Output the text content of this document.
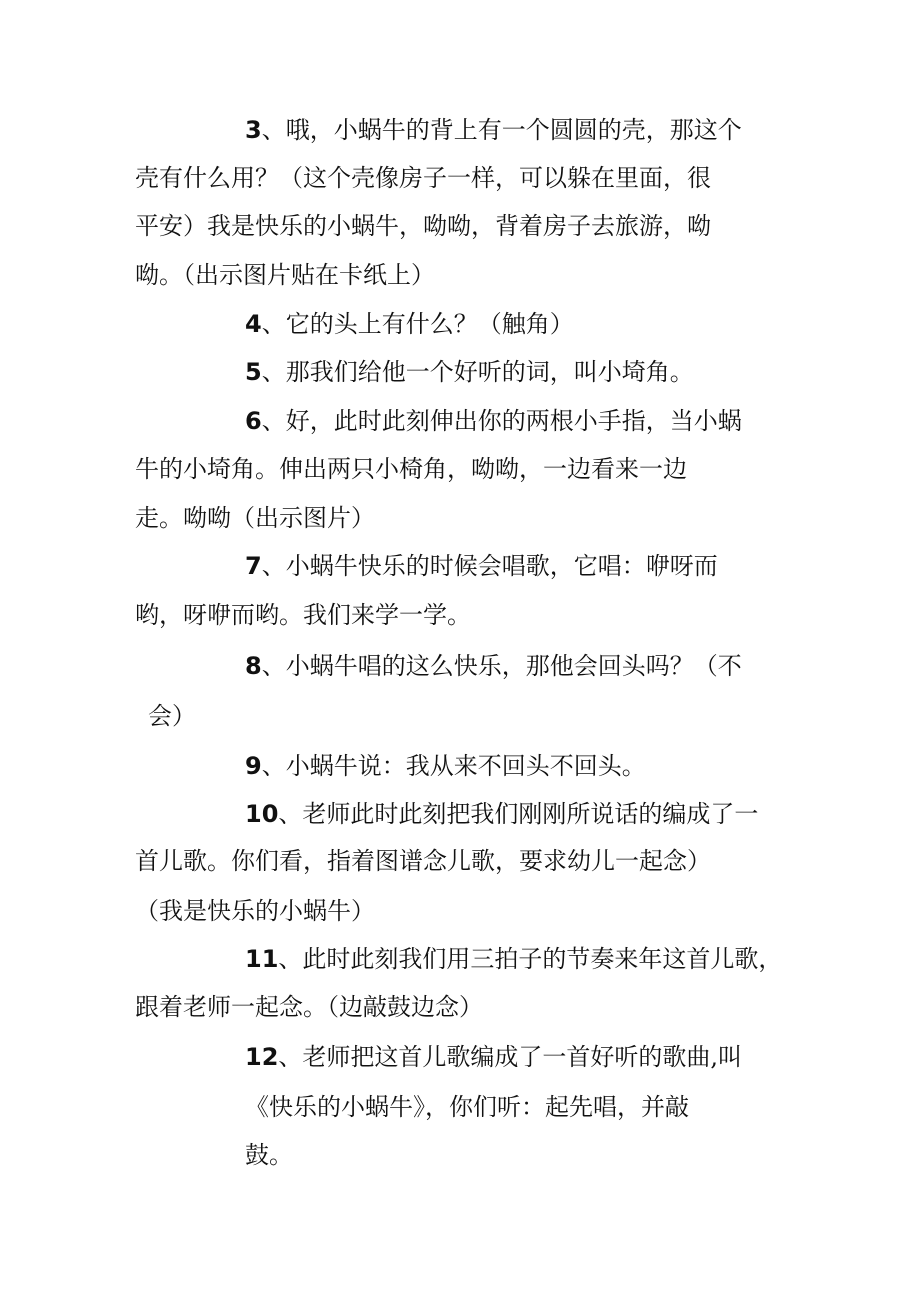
3、哦，小蜗牛的背上有一个圆圆的壳，那这个
壳有什么用？（这个壳像房子一样，可以躲在里面，很
平安）我是快乐的小蜗牛，呦呦，背着房子去旅游，呦
呦。（出示图片贴在卡纸上）
4、它的头上有什么？（触角）
5、那我们给他一个好听的词，叫小埼角。
6、好，此时此刻伸出你的两根小手指，当小蜗
牛的小埼角。伸出两只小椅角，呦呦，一边看来一边
走。呦呦（出示图片）
7、小蜗牛快乐的时候会唱歌，它唱：咿呀而
哟，呀咿而哟。我们来学一学。
8、小蜗牛唱的这么快乐，那他会回头吗？（不
会）
9、小蜗牛说：我从来不回头不回头。
10、老师此时此刻把我们刚刚所说话的编成了一
首儿歌。你们看，指着图谱念儿歌，要求幼儿一起念）
（我是快乐的小蜗牛）
11、此时此刻我们用三拍子的节奏来年这首儿歌，
跟着老师一起念。（边敲鼓边念）
12、老师把这首儿歌编成了一首好听的歌曲,叫
《快乐的小蜗牛》，你们听：起先唱，并敲
鼓。
